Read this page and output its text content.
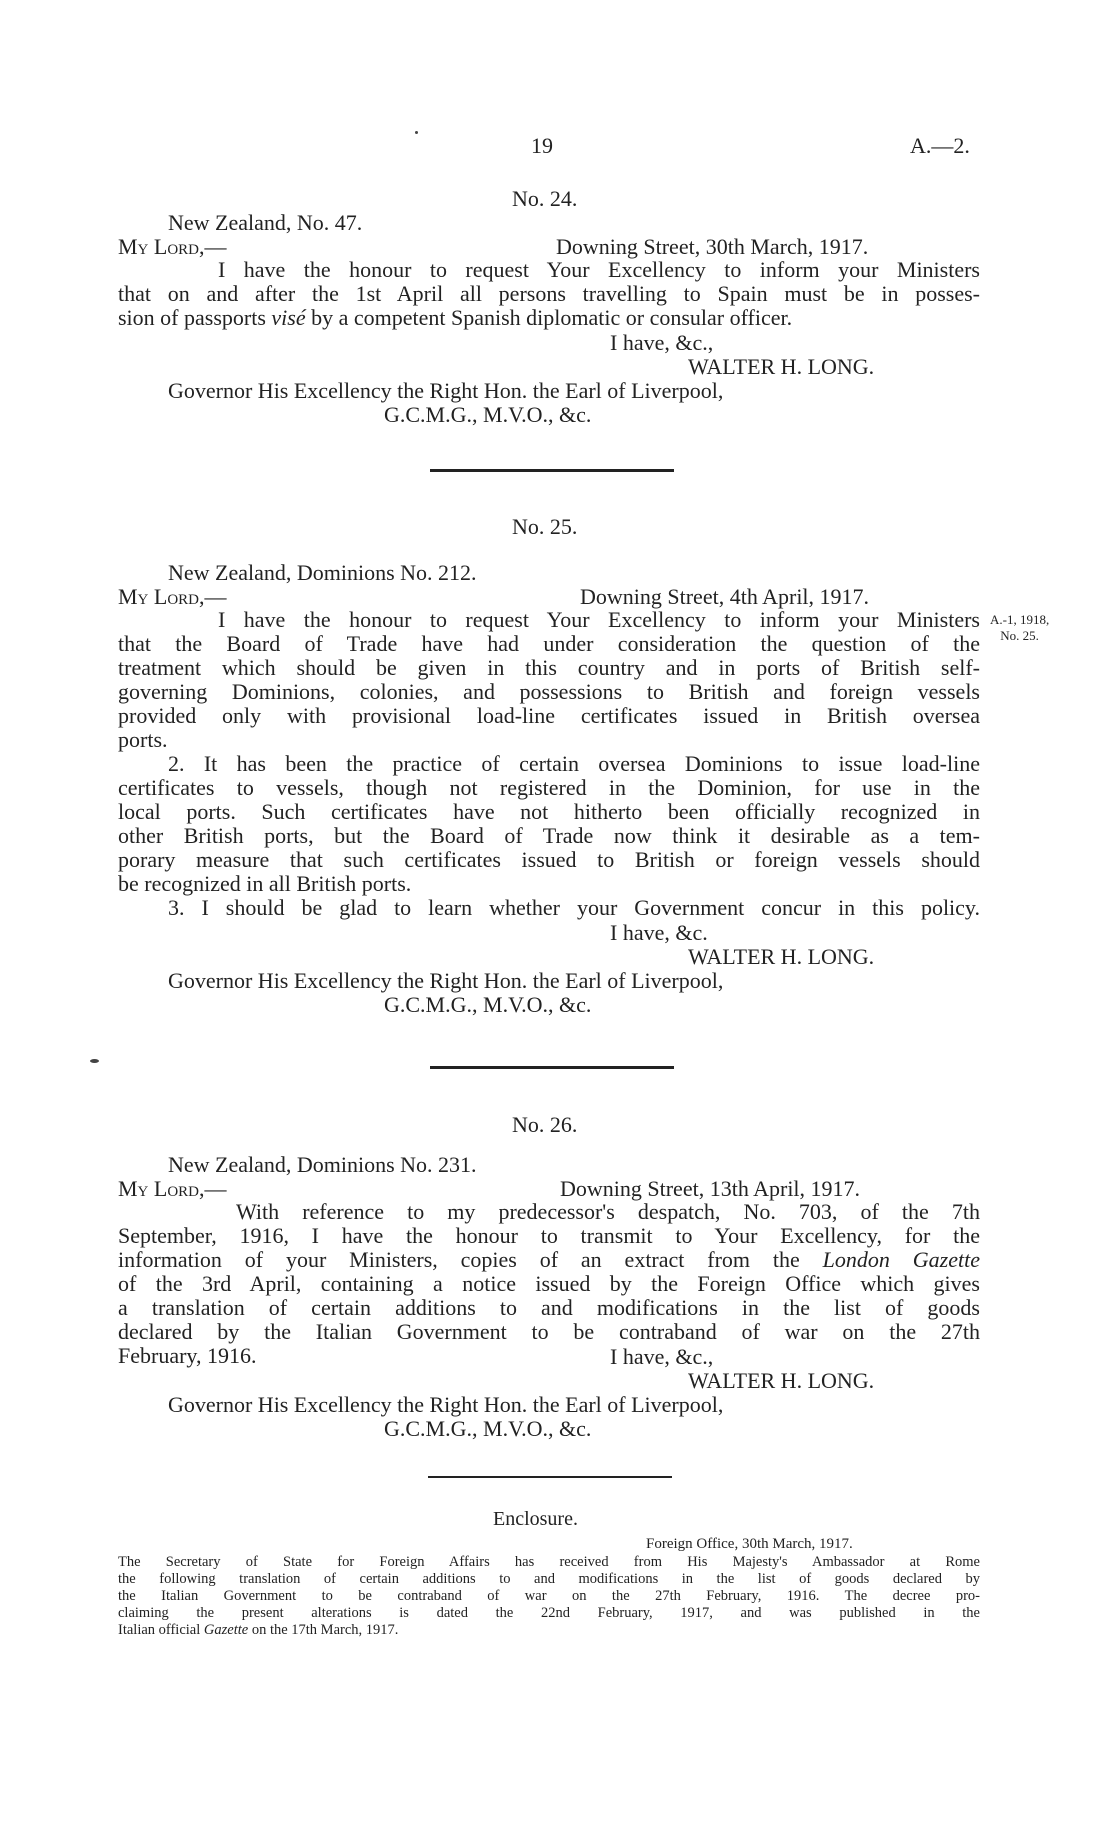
19	A.—2.
No. 24.
New Zealand, No. 47.
My Lord,—	Downing Street, 30th March, 1917.
I have the honour to request Your Excellency to inform your Ministers
that on and after the 1st April all persons travelling to Spain must be in posses-
sion of passports visé by a competent Spanish diplomatic or consular officer.
I have, &c.,
WALTER H. LONG.
Governor His Excellency the Right Hon. the Earl of Liverpool,
G.C.M.G., M.V.O., &c.
No. 25.
New Zealand, Dominions No. 212.
My Lord,—	Downing Street, 4th April, 1917.
A.-1, 1918,
No. 25.
I have the honour to request Your Excellency to inform your Ministers
that the Board of Trade have had under consideration the question of the
treatment which should be given in this country and in ports of British self-
governing Dominions, colonies, and possessions to British and foreign vessels
provided only with provisional load-line certificates issued in British oversea
ports.
2. It has been the practice of certain oversea Dominions to issue load-line
certificates to vessels, though not registered in the Dominion, for use in the
local ports. Such certificates have not hitherto been officially recognized in
other British ports, but the Board of Trade now think it desirable as a tem-
porary measure that such certificates issued to British or foreign vessels should
be recognized in all British ports.
3. I should be glad to learn whether your Government concur in this policy.
I have, &c.
WALTER H. LONG.
Governor His Excellency the Right Hon. the Earl of Liverpool,
G.C.M.G., M.V.O., &c.
No. 26.
New Zealand, Dominions No. 231.
My Lord,—	Downing Street, 13th April, 1917.
With reference to my predecessor's despatch, No. 703, of the 7th
September, 1916, I have the honour to transmit to Your Excellency, for the
information of your Ministers, copies of an extract from the London Gazette
of the 3rd April, containing a notice issued by the Foreign Office which gives
a translation of certain additions to and modifications in the list of goods
declared by the Italian Government to be contraband of war on the 27th
February, 1916.	I have, &c.,
WALTER H. LONG.
Governor His Excellency the Right Hon. the Earl of Liverpool,
G.C.M.G., M.V.O., &c.
Enclosure.
Foreign Office, 30th March, 1917.
The Secretary of State for Foreign Affairs has received from His Majesty's Ambassador at Rome
the following translation of certain additions to and modifications in the list of goods declared by
the Italian Government to be contraband of war on the 27th February, 1916. The decree pro-
claiming the present alterations is dated the 22nd February, 1917, and was published in the
Italian official Gazette on the 17th March, 1917.
